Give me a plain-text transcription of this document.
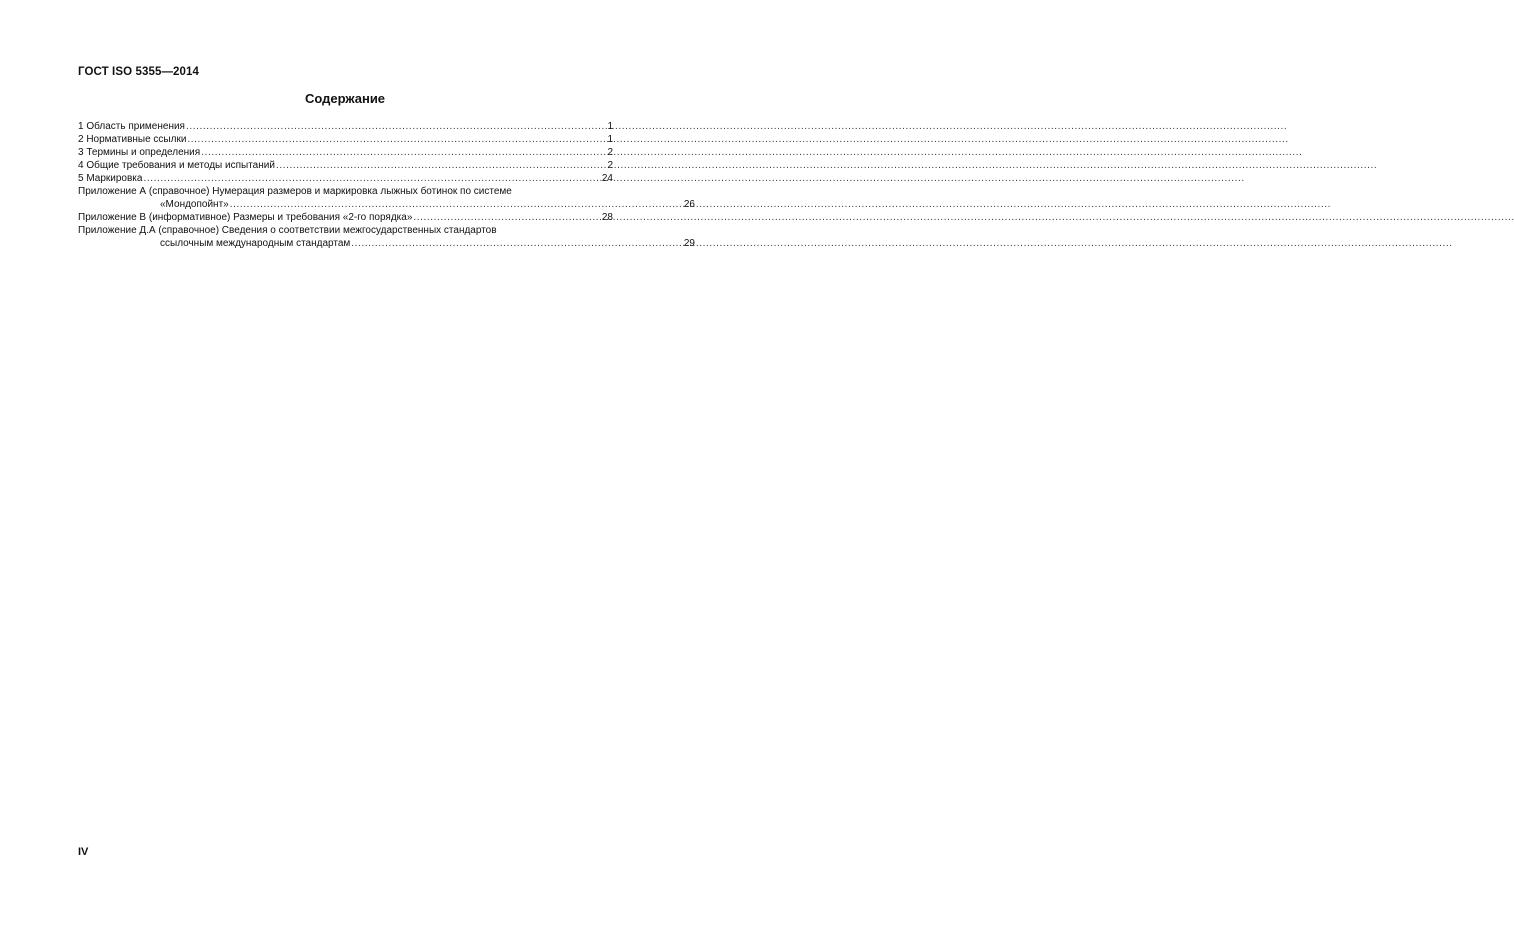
ГОСТ ISO 5355—2014
Содержание
1 Область применения .....	1
2 Нормативные ссылки .....	1
3 Термины и определения .....	2
4 Общие требования и методы испытаний .....	2
5 Маркировка .....	24
Приложение А (справочное) Нумерация размеров и маркировка лыжных ботинок по системе
«Мондопойнт» .....	26
Приложение В (информативное) Размеры и требования «2-го порядка» .....	28
Приложение Д.А (справочное) Сведения о соответствии межгосударственных стандартов
ссылочным международным стандартам .....	29
IV
